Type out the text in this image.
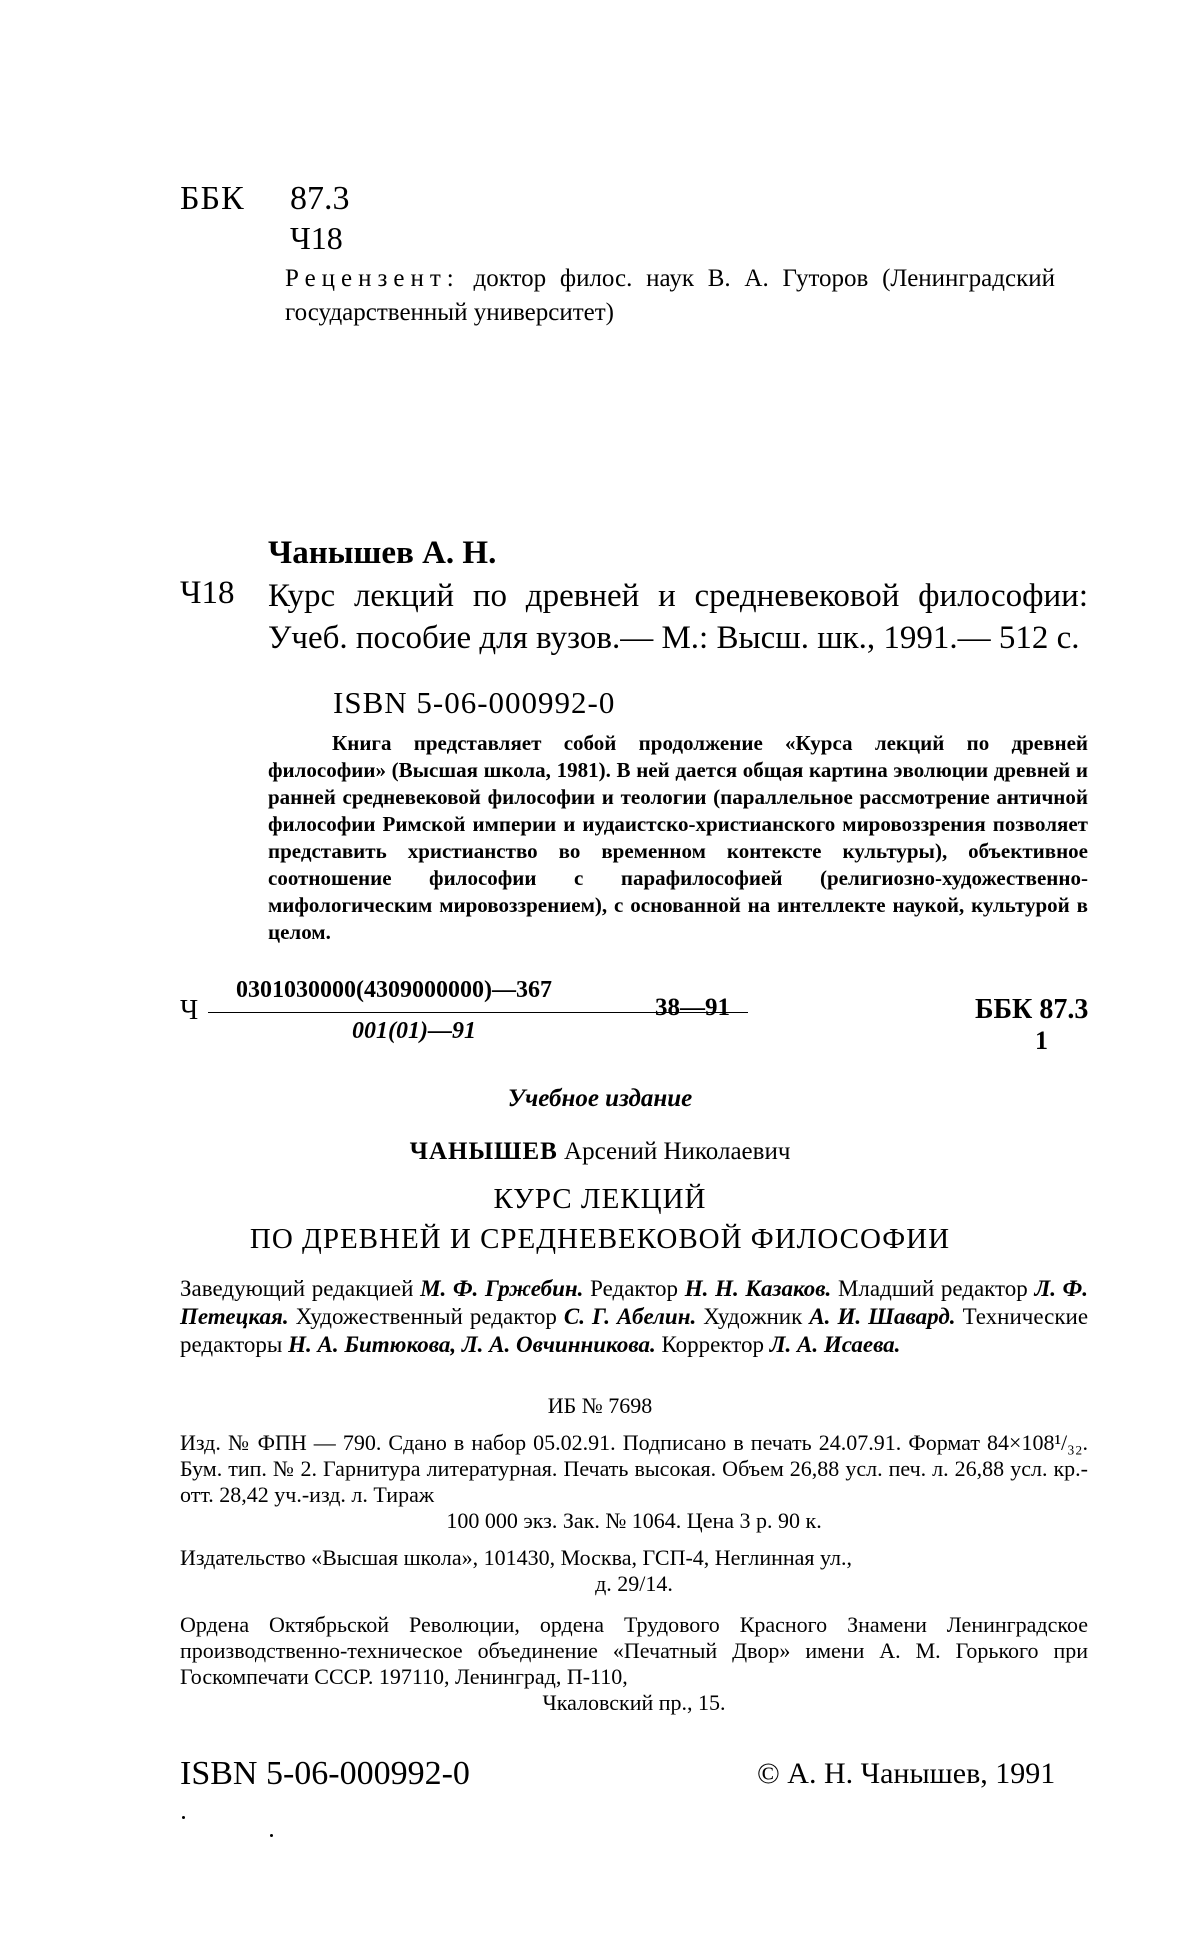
ББК 87.3
Ч18
Рецензент: доктор филос. наук В. А. Гуторов (Ленинградский государственный университет)
Чанышев А. Н.
Ч18 Курс лекций по древней и средневековой философии: Учеб. пособие для вузов.— М.: Высш. шк., 1991.— 512 с.
ISBN 5-06-000992-0
Книга представляет собой продолжение «Курса лекций по древней философии» (Высшая школа, 1981). В ней дается общая картина эволюции древней и ранней средневековой философии и теологии (параллельное рассмотрение античной философии Римской империи и иудаистско-христианского мировоззрения позволяет представить христианство во временном контексте культуры), объективное соотношение философии с парафилософией (религиозно-художественно-мифологическим мировоззрением), с основанной на интеллекте наукой, культурой в целом.
Ч
0301030000(4309000000)—367
001(01)—91
38—91	ББК 87.3
1
Учебное издание
ЧАНЫШЕВ Арсений Николаевич
КУРС ЛЕКЦИЙ
ПО ДРЕВНЕЙ И СРЕДНЕВЕКОВОЙ ФИЛОСОФИИ
Заведующий редакцией М. Ф. Гржебин. Редактор Н. Н. Казаков. Младший редактор Л. Ф. Петецкая. Художественный редактор С. Г. Абелин. Художник А. И. Шавард. Технические редакторы Н. А. Битюкова, Л. А. Овчинникова. Корректор Л. А. Исаева.
ИБ № 7698
Изд. № ФПН — 790. Сдано в набор 05.02.91. Подписано в печать 24.07.91. Формат 84×108¹/₃₂. Бум. тип. № 2. Гарнитура литературная. Печать высокая. Объем 26,88 усл. печ. л. 26,88 усл. кр.-отт. 28,42 уч.-изд. л. Тираж
100 000 экз. Зак. № 1064. Цена 3 р. 90 к.
Издательство «Высшая школа», 101430, Москва, ГСП-4, Неглинная ул.,
д. 29/14.
Ордена Октябрьской Революции, ордена Трудового Красного Знамени Ленинградское производственно-техническое объединение «Печатный Двор» имени А. М. Горького при Госкомпечати СССР. 197110, Ленинград, П-110,
Чкаловский пр., 15.
ISBN 5-06-000992-0	© А. Н. Чанышев, 1991
